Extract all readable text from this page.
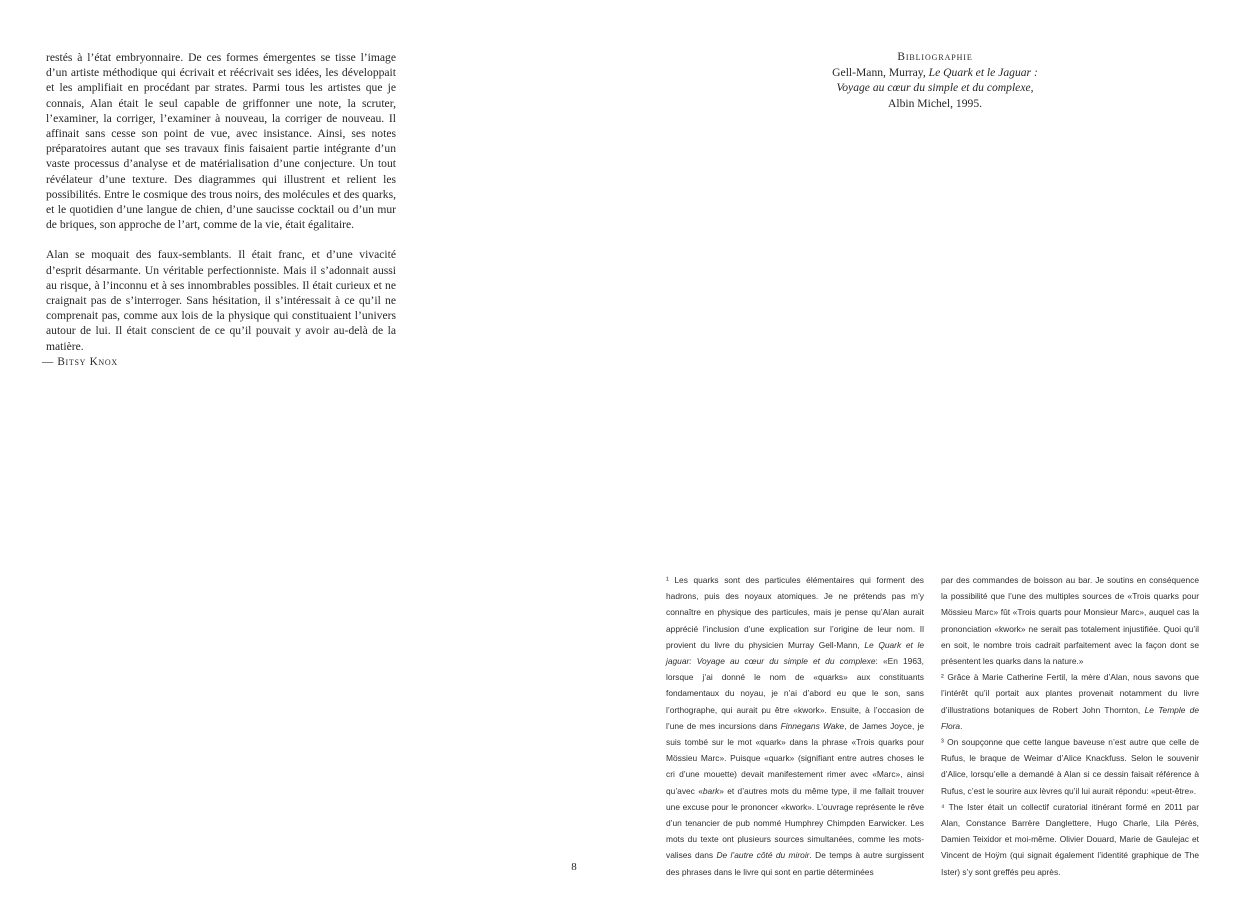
restés à l’état embryonnaire. De ces formes émergentes se tisse l’image d’un artiste méthodique qui écrivait et réécrivait ses idées, les développait et les amplifiait en procédant par strates. Parmi tous les artistes que je connais, Alan était le seul capable de griffonner une note, la scruter, l’examiner, la corriger, l’examiner à nouveau, la corriger de nouveau. Il affinait sans cesse son point de vue, avec insistance. Ainsi, ses notes préparatoires autant que ses travaux finis faisaient partie intégrante d’un vaste processus d’analyse et de matérialisation d’une conjecture. Un tout révélateur d’une texture. Des diagrammes qui illustrent et relient les possibilités. Entre le cosmique des trous noirs, des molécules et des quarks, et le quotidien d’une langue de chien, d’une saucisse cocktail ou d’un mur de briques, son approche de l’art, comme de la vie, était égalitaire.

Alan se moquait des faux-semblants. Il était franc, et d’une vivacité d’esprit désarmante. Un véritable perfectionniste. Mais il s’adonnait aussi au risque, à l’inconnu et à ses innombrables possibles. Il était curieux et ne craignait pas de s’interroger. Sans hésitation, il s’intéressait à ce qu’il ne comprenait pas, comme aux lois de la physique qui constituaient l’univers autour de lui. Il était conscient de ce qu’il pouvait y avoir au-delà de la matière.

— Bitsy Knox
Bibliographie
Gell-Mann, Murray, Le Quark et le Jaguar :
Voyage au cœur du simple et du complexe,
Albin Michel, 1995.
8

¹ Les quarks sont des particules élémentaires qui forment des hadrons, puis des noyaux atomiques. Je ne prétends pas m’y connaître en physique des particules, mais je pense qu’Alan aurait apprécié l’inclusion d’une explication sur l’origine de leur nom. Il provient du livre du physicien Murray Gell-Mann, Le Quark et le jaguar: Voyage au cœur du simple et du complexe: «En 1963, lorsque j’ai donné le nom de «quarks» aux constituants fondamentaux du noyau, je n’ai d’abord eu que le son, sans l’orthographe, qui aurait pu être «kwork». Ensuite, à l’occasion de l’une de mes incursions dans Finnegans Wake, de James Joyce, je suis tombé sur le mot «quark» dans la phrase «Trois quarks pour Mössieu Marc». Puisque «quark» (signifiant entre autres choses le cri d’une mouette) devait manifestement rimer avec «Marc», ainsi qu’avec «bark» et d’autres mots du même type, il me fallait trouver une excuse pour le prononcer «kwork». L’ouvrage représente le rêve d’un tenancier de pub nommé Humphrey Chimpden Earwicker. Les mots du texte ont plusieurs sources simultanées, comme les mots-valises dans De l’autre côté du miroir. De temps à autre surgissent des phrases dans le livre qui sont en partie déterminées

par des commandes de boisson au bar. Je soutins en conséquence la possibilité que l’une des multiples sources de «Trois quarks pour Mössieu Marc» fût «Trois quarts pour Monsieur Marc», auquel cas la prononciation «kwork» ne serait pas totalement injustifiée. Quoi qu’il en soit, le nombre trois cadrait parfaitement avec la façon dont se présentent les quarks dans la nature.»

² Grâce à Marie Catherine Fertil, la mère d’Alan, nous savons que l’intérêt qu’il portait aux plantes provenait notamment du livre d’illustrations botaniques de Robert John Thornton, Le Temple de Flora.

³ On soupçonne que cette langue baveuse n’est autre que celle de Rufus, le braque de Weimar d’Alice Knackfuss. Selon le souvenir d’Alice, lorsqu’elle a demandé à Alan si ce dessin faisait référence à Rufus, c’est le sourire aux lèvres qu’il lui aurait répondu: «peut-être».

⁴ The Ister était un collectif curatorial itinérant formé en 2011 par Alan, Constance Barrère Danglettere, Hugo Charle, Lila Pérès, Damien Teixidor et moi-même. Olivier Douard, Marie de Gaulejac et Vincent de Hoÿm (qui signait également l’identité graphique de The Ister) s’y sont greffés peu après.
